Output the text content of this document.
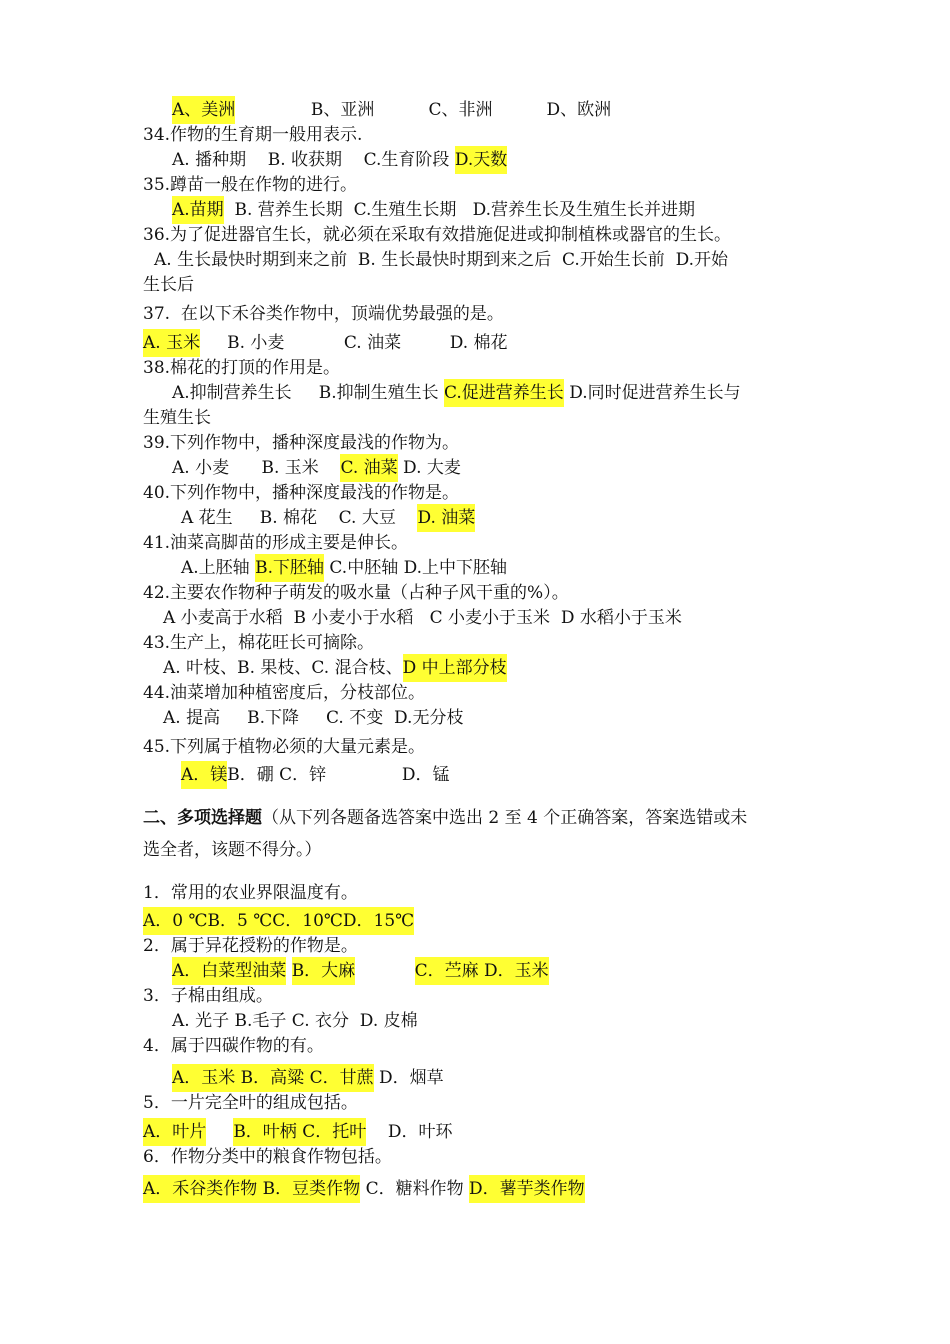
A、美洲              B、亚洲          C、非洲          D、欧洲
34.作物的生育期一般用表示.
A. 播种期    B. 收获期    C.生育阶段 D.天数
35.蹲苗一般在作物的进行。
A.苗期  B. 营养生长期  C.生殖生长期   D.营养生长及生殖生长并进期
36.为了促进器官生长，就必须在采取有效措施促进或抑制植株或器官的生长。
A. 生长最快时期到来之前  B. 生长最快时期到来之后  C.开始生长前  D.开始
生长后
37.  在以下禾谷类作物中，顶端优势最强的是。
A. 玉米     B. 小麦           C. 油菜         D. 棉花
38.棉花的打顶的作用是。
A.抑制营养生长     B.抑制生殖生长 C.促进营养生长 D.同时促进营养生长与
生殖生长
39.下列作物中，播种深度最浅的作物为。
A. 小麦      B. 玉米    C. 油菜 D. 大麦
40.下列作物中，播种深度最浅的作物是。
A 花生     B. 棉花    C. 大豆    D. 油菜
41.油菜高脚苗的形成主要是伸长。
A.上胚轴 B.下胚轴 C.中胚轴 D.上中下胚轴
42.主要农作物种子萌发的吸水量（占种子风干重的%）。
A 小麦高于水稻  B 小麦小于水稻   C 小麦小于玉米  D 水稻小于玉米
43.生产上，棉花旺长可摘除。
A. 叶枝、B. 果枝、C. 混合枝、D 中上部分枝
44.油菜增加种植密度后，分枝部位。
A. 提高     B.下降     C. 不变  D.无分枝
45.下列属于植物必须的大量元素是。
A．镁B．硼 C．锌              D．锰
二、多项选择题（从下列各题备选答案中选出 2 至 4 个正确答案，答案选错或未
选全者，该题不得分。）
1．常用的农业界限温度有。
A．0 ℃B．5 ℃C．10℃D．15℃
2．属于异花授粉的作物是。
A．白菜型油菜 B．大麻	C．苎麻 D．玉米
3．子棉由组成。
A. 光子 B.毛子 C. 衣分  D. 皮棉
4．属于四碳作物的有。
A．玉米 B．高粱 C．甘蔗 D．烟草
5．一片完全叶的组成包括。
A．叶片 B．叶柄 C．托叶    D．叶环
6．作物分类中的粮食作物包括。
A．禾谷类作物 B．豆类作物 C．糖料作物 D．薯芋类作物
